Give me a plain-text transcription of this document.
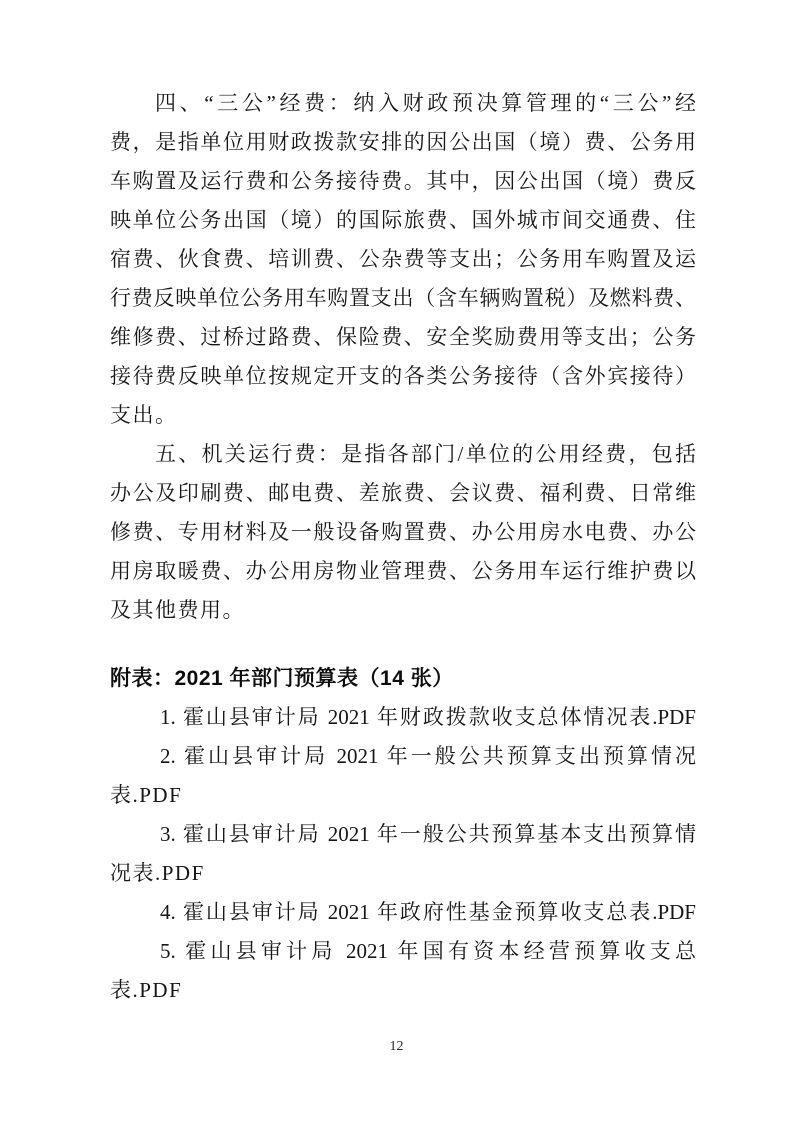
四、“三公”经费：纳入财政预决算管理的“三公”经
费，是指单位用财政拨款安排的因公出国（境）费、公务用
车购置及运行费和公务接待费。其中，因公出国（境）费反
映单位公务出国（境）的国际旅费、国外城市间交通费、住
宿费、伙食费、培训费、公杂费等支出；公务用车购置及运
行费反映单位公务用车购置支出（含车辆购置税）及燃料费、
维修费、过桥过路费、保险费、安全奖励费用等支出；公务
接待费反映单位按规定开支的各类公务接待（含外宾接待）
支出。
五、机关运行费：是指各部门/单位的公用经费，包括
办公及印刷费、邮电费、差旅费、会议费、福利费、日常维
修费、专用材料及一般设备购置费、办公用房水电费、办公
用房取暖费、办公用房物业管理费、公务用车运行维护费以
及其他费用。
附表：2021 年部门预算表（14 张）
1. 霍山县审计局 2021 年财政拨款收支总体情况表.PDF
2. 霍山县审计局 2021 年一般公共预算支出预算情况
表.PDF
3. 霍山县审计局 2021 年一般公共预算基本支出预算情
况表.PDF
4. 霍山县审计局 2021 年政府性基金预算收支总表.PDF
5. 霍山县审计局 2021 年国有资本经营预算收支总
表.PDF
12
